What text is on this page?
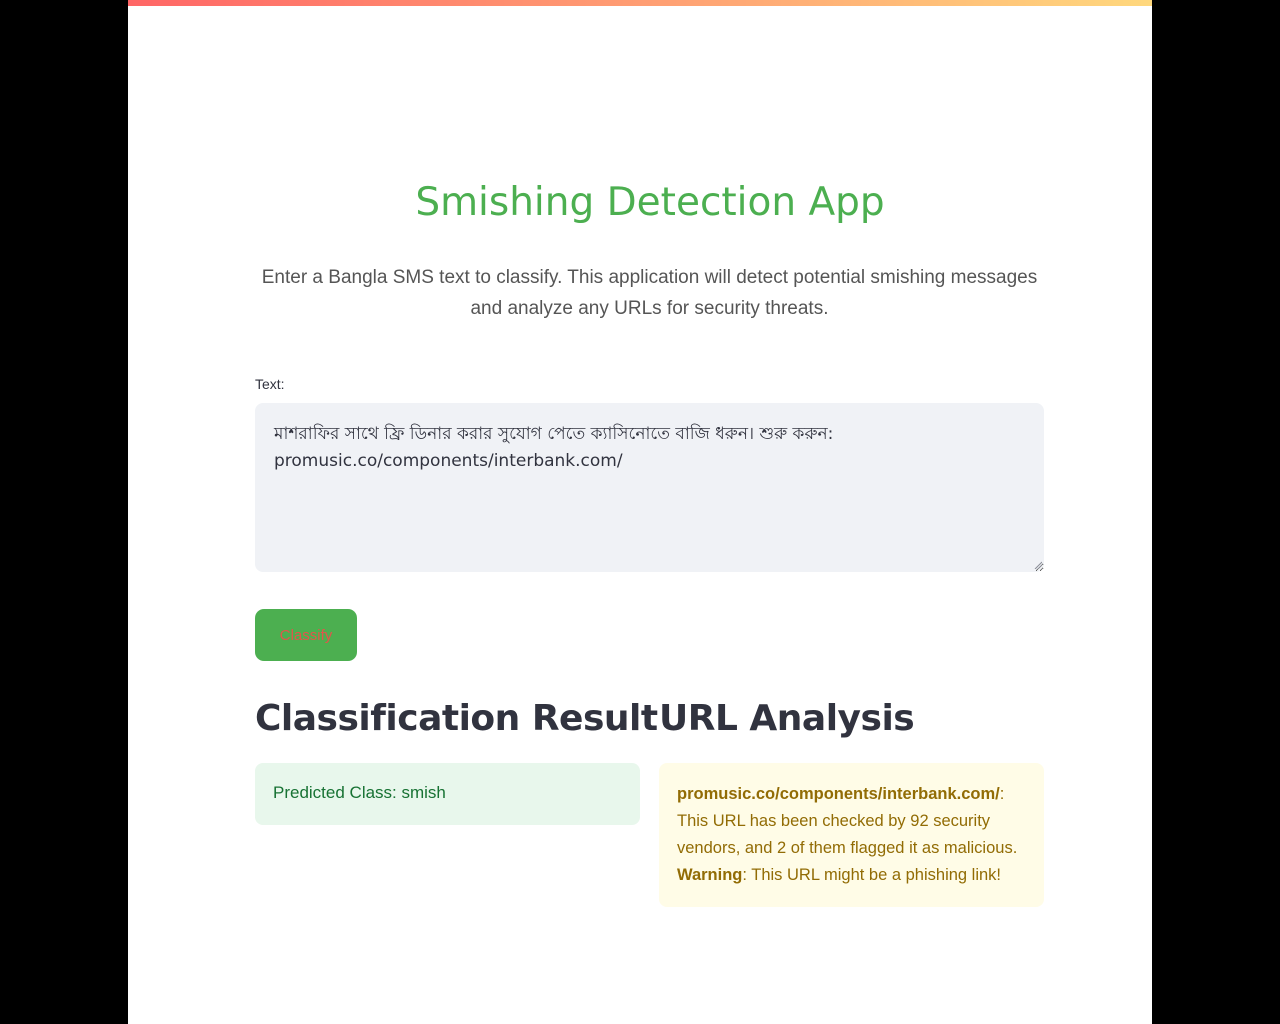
Smishing Detection App

Enter a Bangla SMS text to classify. This application will detect potential smishing messages and analyze any URLs for security threats.

Text:
মাশরাফির সাথে ফ্রি ডিনার করার সুযোগ পেতে ক্যাসিনোতে বাজি ধরুন। শুরু করুন: promusic.co/components/interbank.com/
Classify
Classification Result URL Analysis
Predicted Class: smish	promusic.co/components/interbank.com/: This URL has been checked by 92 security vendors, and 2 of them flagged it as malicious. Warning: This URL might be a phishing link!
